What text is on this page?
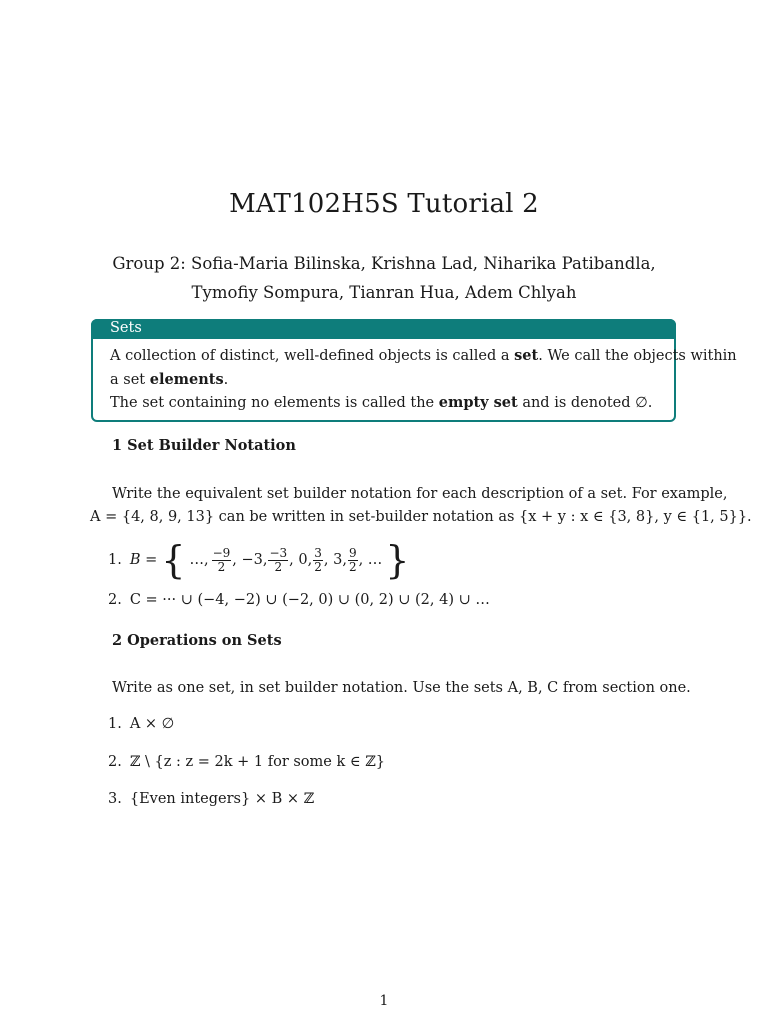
MAT102H5S Tutorial 2
Group 2: Sofia-Maria Bilinska, Krishna Lad, Niharika Patibandla,
Tymofiy Sompura, Tianran Hua, Adem Chlyah
Sets
A collection of distinct, well-defined objects is called a set. We call the objects within
a set elements.
The set containing no elements is called the empty set and is denoted ∅.
1 Set Builder Notation
Write the equivalent set builder notation for each description of a set. For example,
A = {4, 8, 9, 13} can be written in set-builder notation as {x + y : x ∈ {3, 8}, y ∈ {1, 5}}.
1. B = { …, $\frac{-9}{2}$ , −3, $\frac{-3}{2}$ , 0, $\frac{3}{2}$ , 3, $\frac{9}{2}$ , … }
2. C = ··· ∪ (−4, −2) ∪ (−2, 0) ∪ (0, 2) ∪ (2, 4) ∪ …
2 Operations on Sets
Write as one set, in set builder notation. Use the sets A, B, C from section one.
1. A × ∅
2. ℤ \ {z : z = 2k + 1 for some k ∈ ℤ}
3. {Even integers} × B × ℤ
1
